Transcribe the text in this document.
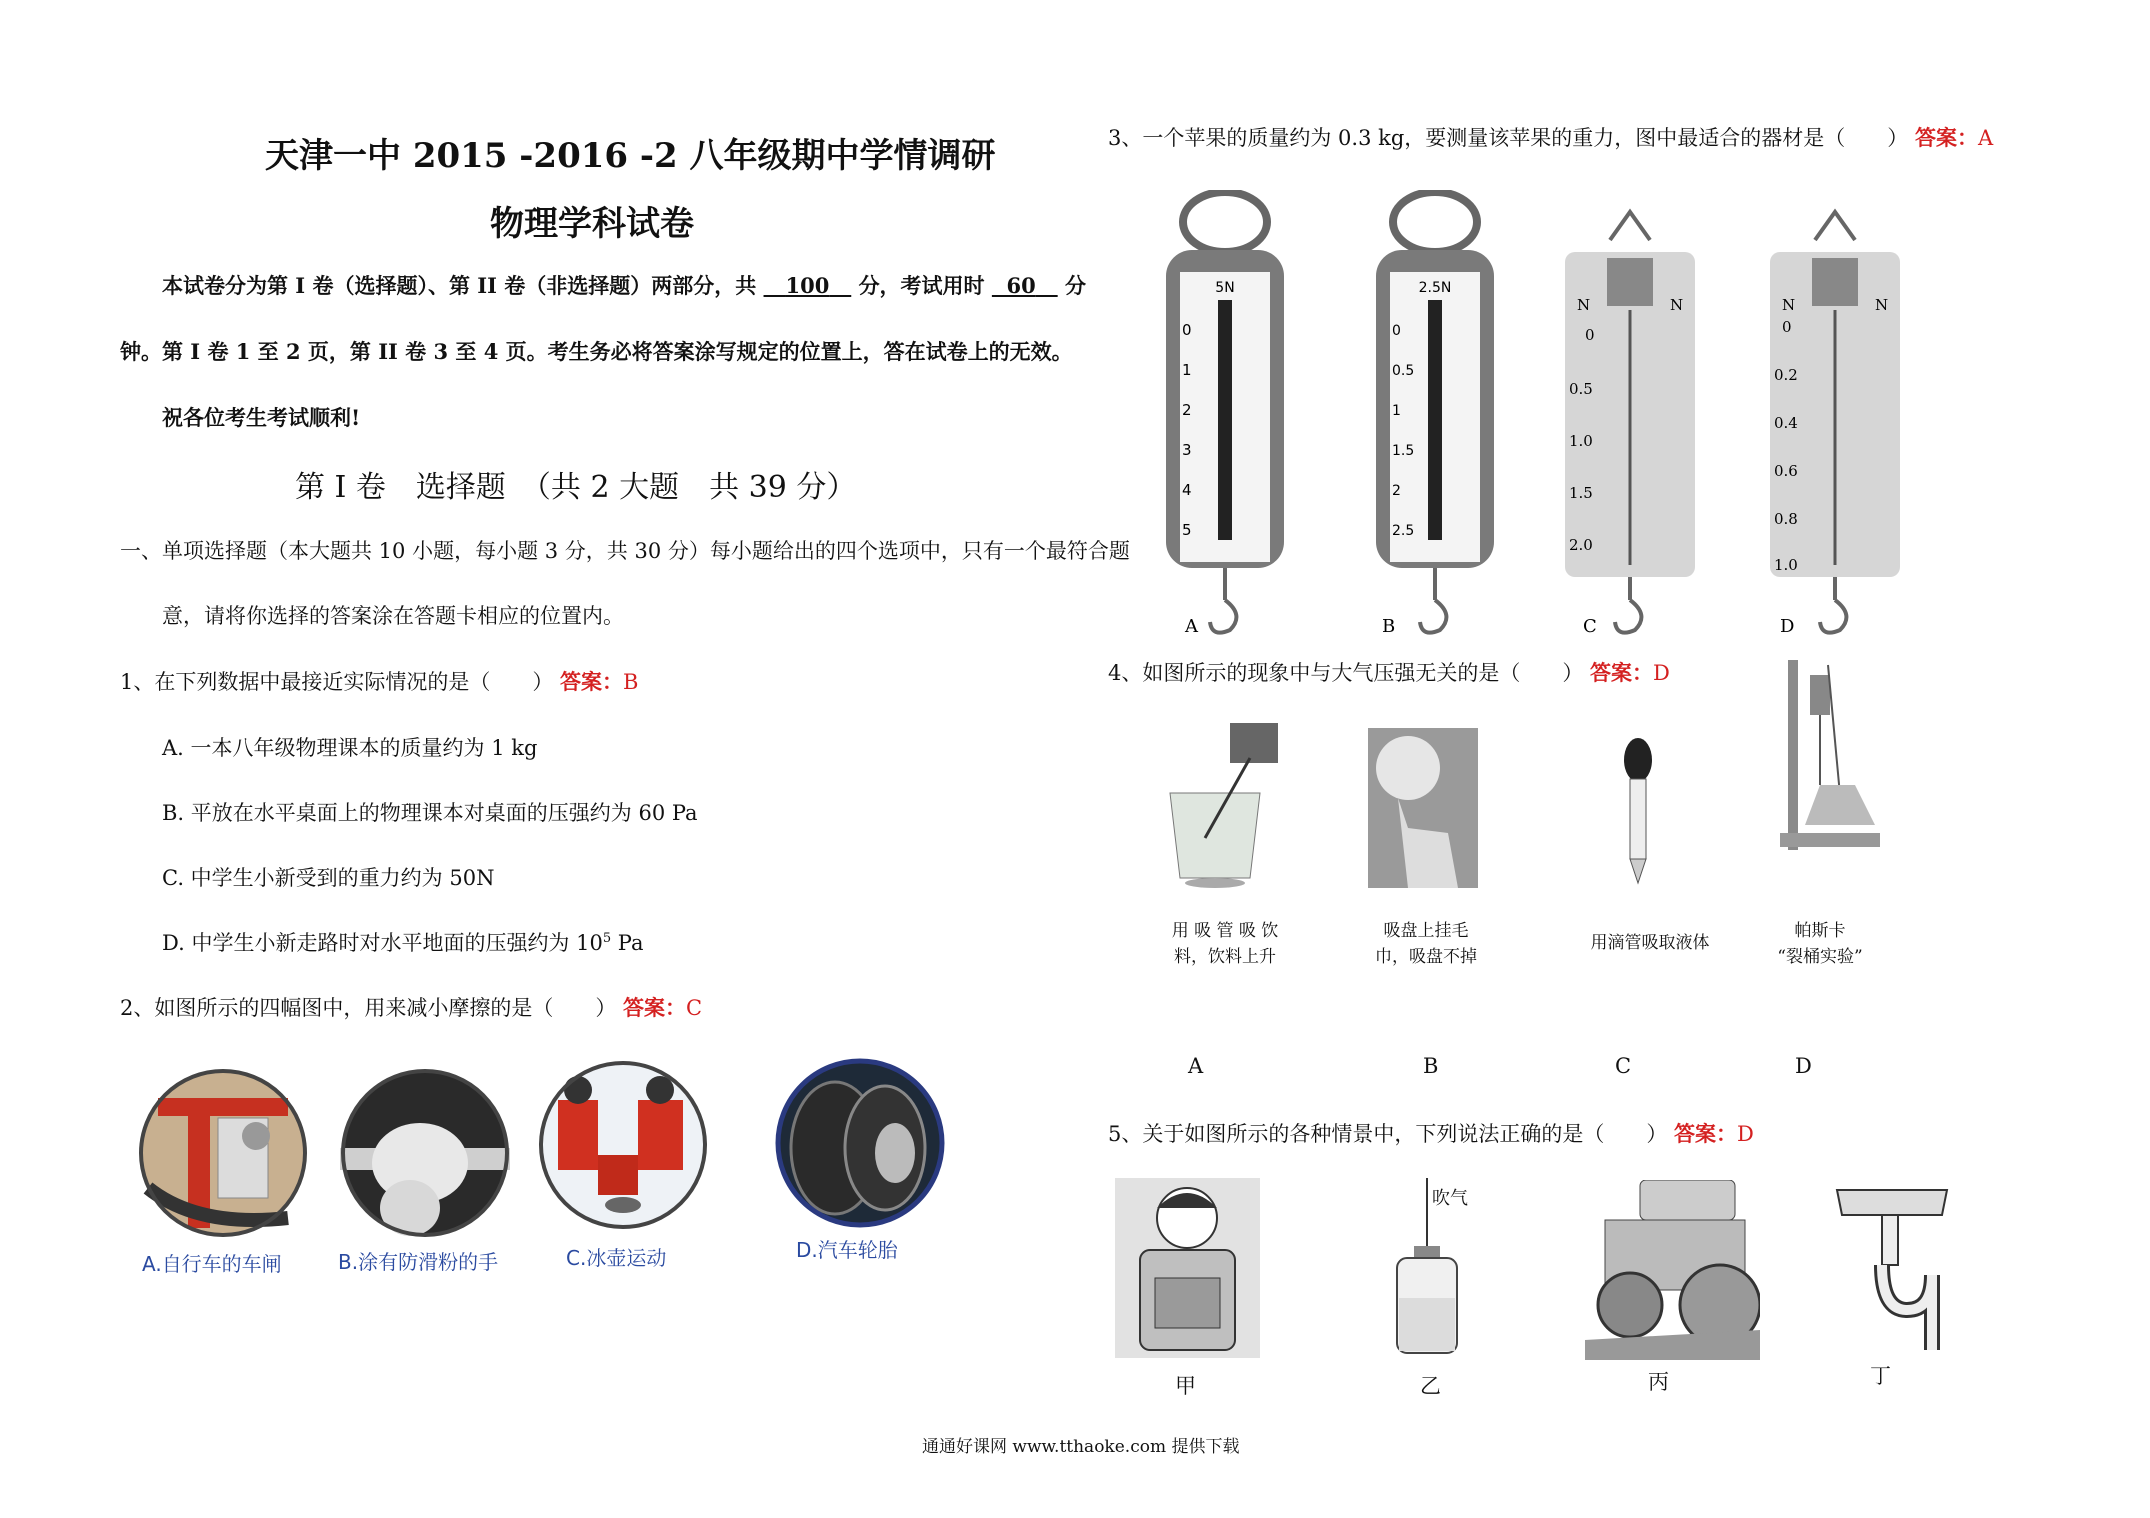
天津一中 2015 -2016 -2 八年级期中学情调研
物理学科试卷
本试卷分为第 I 卷（选择题）、第 II 卷（非选择题）两部分，共 100 分，考试用时 60 分
钟。第 I 卷 1 至 2 页，第 II 卷 3 至 4 页。考生务必将答案涂写规定的位置上，答在试卷上的无效。
祝各位考生考试顺利!
第 I 卷　选择题　（共 2 大题　共 39 分）
一、单项选择题（本大题共 10 小题，每小题 3 分，共 30 分）每小题给出的四个选项中，只有一个最符合题
意，请将你选择的答案涂在答题卡相应的位置内。
1、在下列数据中最接近实际情况的是（　　） 答案：B
A. 一本八年级物理课本的质量约为 1 kg
B. 平放在水平桌面上的物理课本对桌面的压强约为 60 Pa
C. 中学生小新受到的重力约为 50N
D. 中学生小新走路时对水平地面的压强约为 $10^5$ Pa
2、如图所示的四幅图中，用来减小摩擦的是（　　） 答案：C
A.自行车的车闸	B.涂有防滑粉的手	C.冰壶运动	D.汽车轮胎
3、一个苹果的质量约为 0.3 kg，要测量该苹果的重力，图中最适合的器材是（　　） 答案：A
5N
0
1
2
3
4
5
A
2.5N
0
0.5
1
1.5
2
2.5
B
N	N
0
0.5
1.0
1.5
2.0
C
N	N
0
0.2
0.4
0.6
0.8
1.0
D
4、如图所示的现象中与大气压强无关的是（　　） 答案：D
用 吸 管 吸 饮
料，饮料上升
吸盘上挂毛
巾，吸盘不掉
用滴管吸取液体
帕斯卡
“裂桶实验”
A	B	C	D
5、关于如图所示的各种情景中，下列说法正确的是（　　） 答案：D
吹气
甲	乙	丙	丁
通通好课网 www.tthaoke.com 提供下载
